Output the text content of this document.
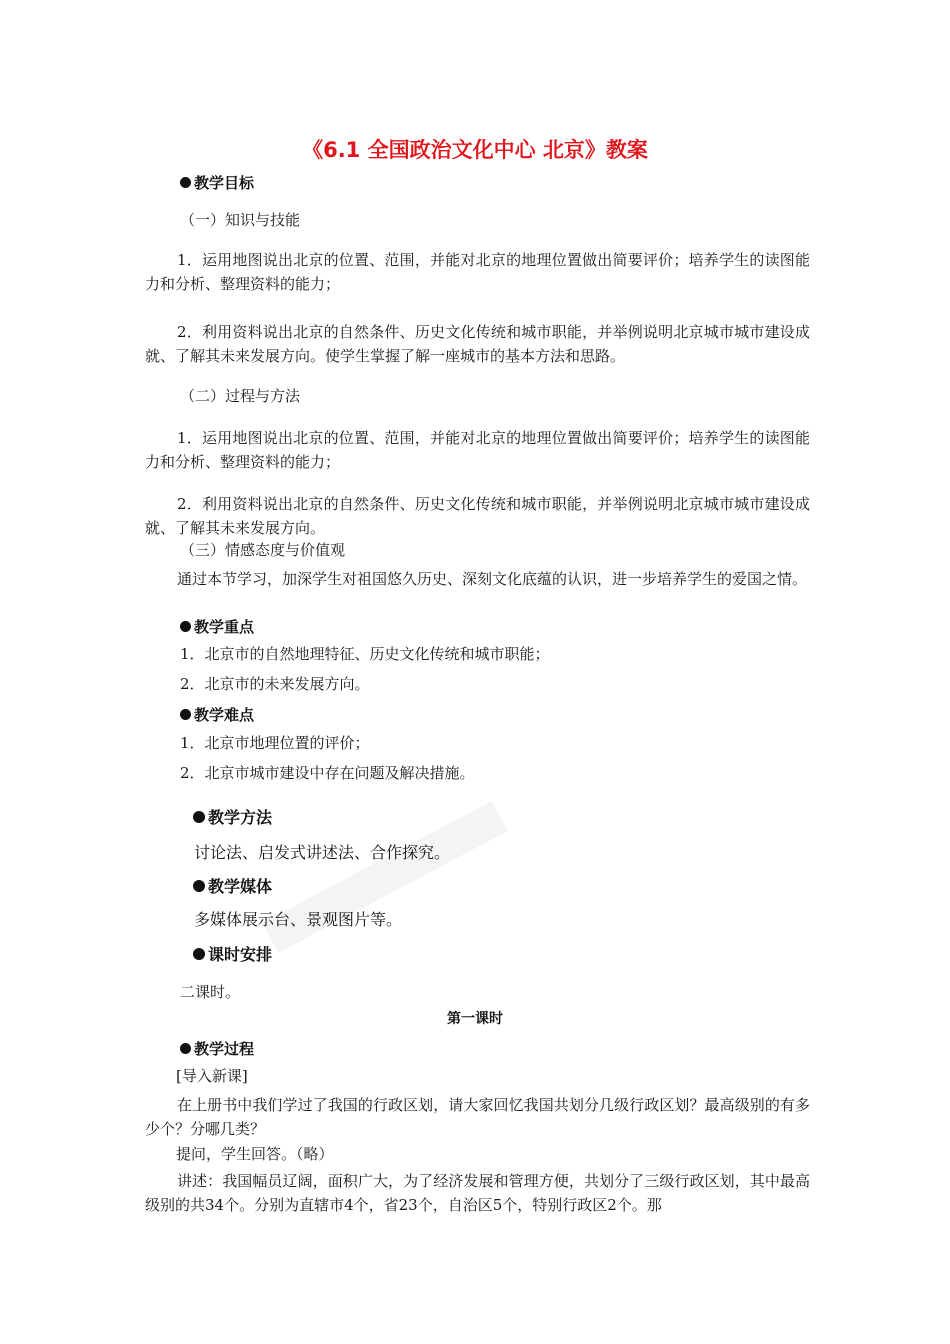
《6.1 全国政治文化中心 北京》教案
教学目标
（一）知识与技能
1．运用地图说出北京的位置、范围，并能对北京的地理位置做出简要评价；培养学生的读图能力和分析、整理资料的能力；
2．利用资料说出北京的自然条件、历史文化传统和城市职能，并举例说明北京城市城市建设成就、了解其未来发展方向。使学生掌握了解一座城市的基本方法和思路。
（二）过程与方法
1．运用地图说出北京的位置、范围，并能对北京的地理位置做出简要评价；培养学生的读图能力和分析、整理资料的能力；
2．利用资料说出北京的自然条件、历史文化传统和城市职能，并举例说明北京城市城市建设成就、了解其未来发展方向。
（三）情感态度与价值观
通过本节学习，加深学生对祖国悠久历史、深刻文化底蕴的认识，进一步培养学生的爱国之情。
教学重点
1．北京市的自然地理特征、历史文化传统和城市职能；
2．北京市的未来发展方向。
教学难点
1．北京市地理位置的评价；
2．北京市城市建设中存在问题及解决措施。
教学方法
讨论法、启发式讲述法、合作探究。
教学媒体
多媒体展示台、景观图片等。
课时安排
二课时。
第一课时
教学过程
[导入新课]
在上册书中我们学过了我国的行政区划，请大家回忆我国共划分几级行政区划？最高级别的有多少个？分哪几类？
提问，学生回答。（略）
讲述：我国幅员辽阔，面积广大，为了经济发展和管理方便，共划分了三级行政区划，其中最高级别的共34个。分别为直辖市4个，省23个，自治区5个，特别行政区2个。那
